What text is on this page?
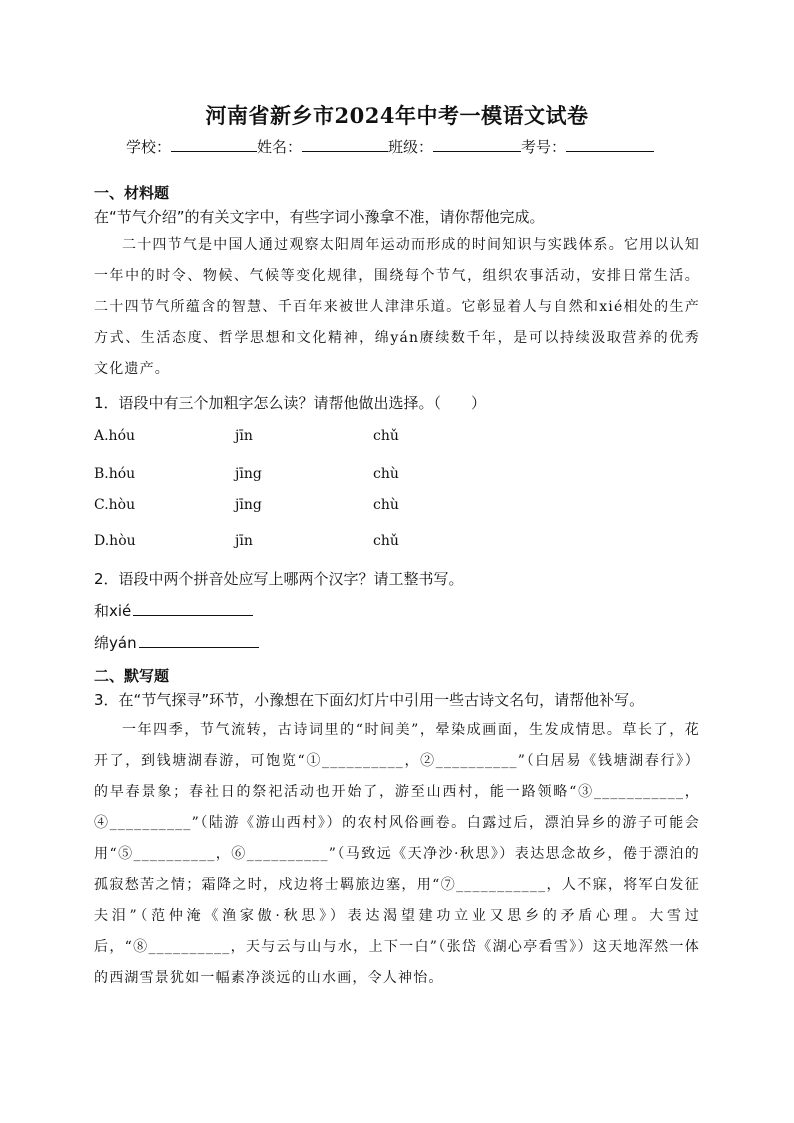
河南省新乡市2024年中考一模语文试卷
学校：	姓名：	班级：	考号：
一、材料题
在“节气介绍”的有关文字中，有些字词小豫拿不准，请你帮他完成。

二十四节气是中国人通过观察太阳周年运动而形成的时间知识与实践体系。它用以认知一年中的时令、物候、气候等变化规律，围绕每个节气，组织农事活动，安排日常生活。二十四节气所蕴含的智慧、千百年来被世人津津乐道。它彰显着人与自然和xié相处的生产方式、生活态度、哲学思想和文化精神，绵yán赓续数千年，是可以持续汲取营养的优秀文化遗产。

1．语段中有三个加粗字怎么读？请帮他做出选择。（　　）
A.hóu	jīn	chǔ
B.hóu	jīng	chù
C.hòu	jīng	chù
D.hòu	jīn	chǔ
2．语段中两个拼音处应写上哪两个汉字？请工整书写。
和xié
绵yán
二、默写题
3．在“节气探寻”环节，小豫想在下面幻灯片中引用一些古诗文名句，请帮他补写。

一年四季，节气流转，古诗词里的“时间美”，晕染成画面，生发成情思。草长了，花开了，到钱塘湖春游，可饱览“①__________，②__________”（白居易《钱塘湖春行》）的早春景象；春社日的祭祀活动也开始了，游至山西村，能一路领略“③___________，④__________”（陆游《游山西村》）的农村风俗画卷。白露过后，漂泊异乡的游子可能会用“⑤__________，⑥__________”（马致远《天净沙·秋思》）表达思念故乡，倦于漂泊的孤寂愁苦之情；霜降之时，戍边将士羁旅边塞，用“⑦___________，人不寐，将军白发征夫泪”（范仲淹《渔家傲·秋思》）表达渴望建功立业又思乡的矛盾心理。大雪过后，“⑧__________，天与云与山与水，上下一白”（张岱《湖心亭看雪》）这天地浑然一体的西湖雪景犹如一幅素净淡远的山水画，令人神怡。
